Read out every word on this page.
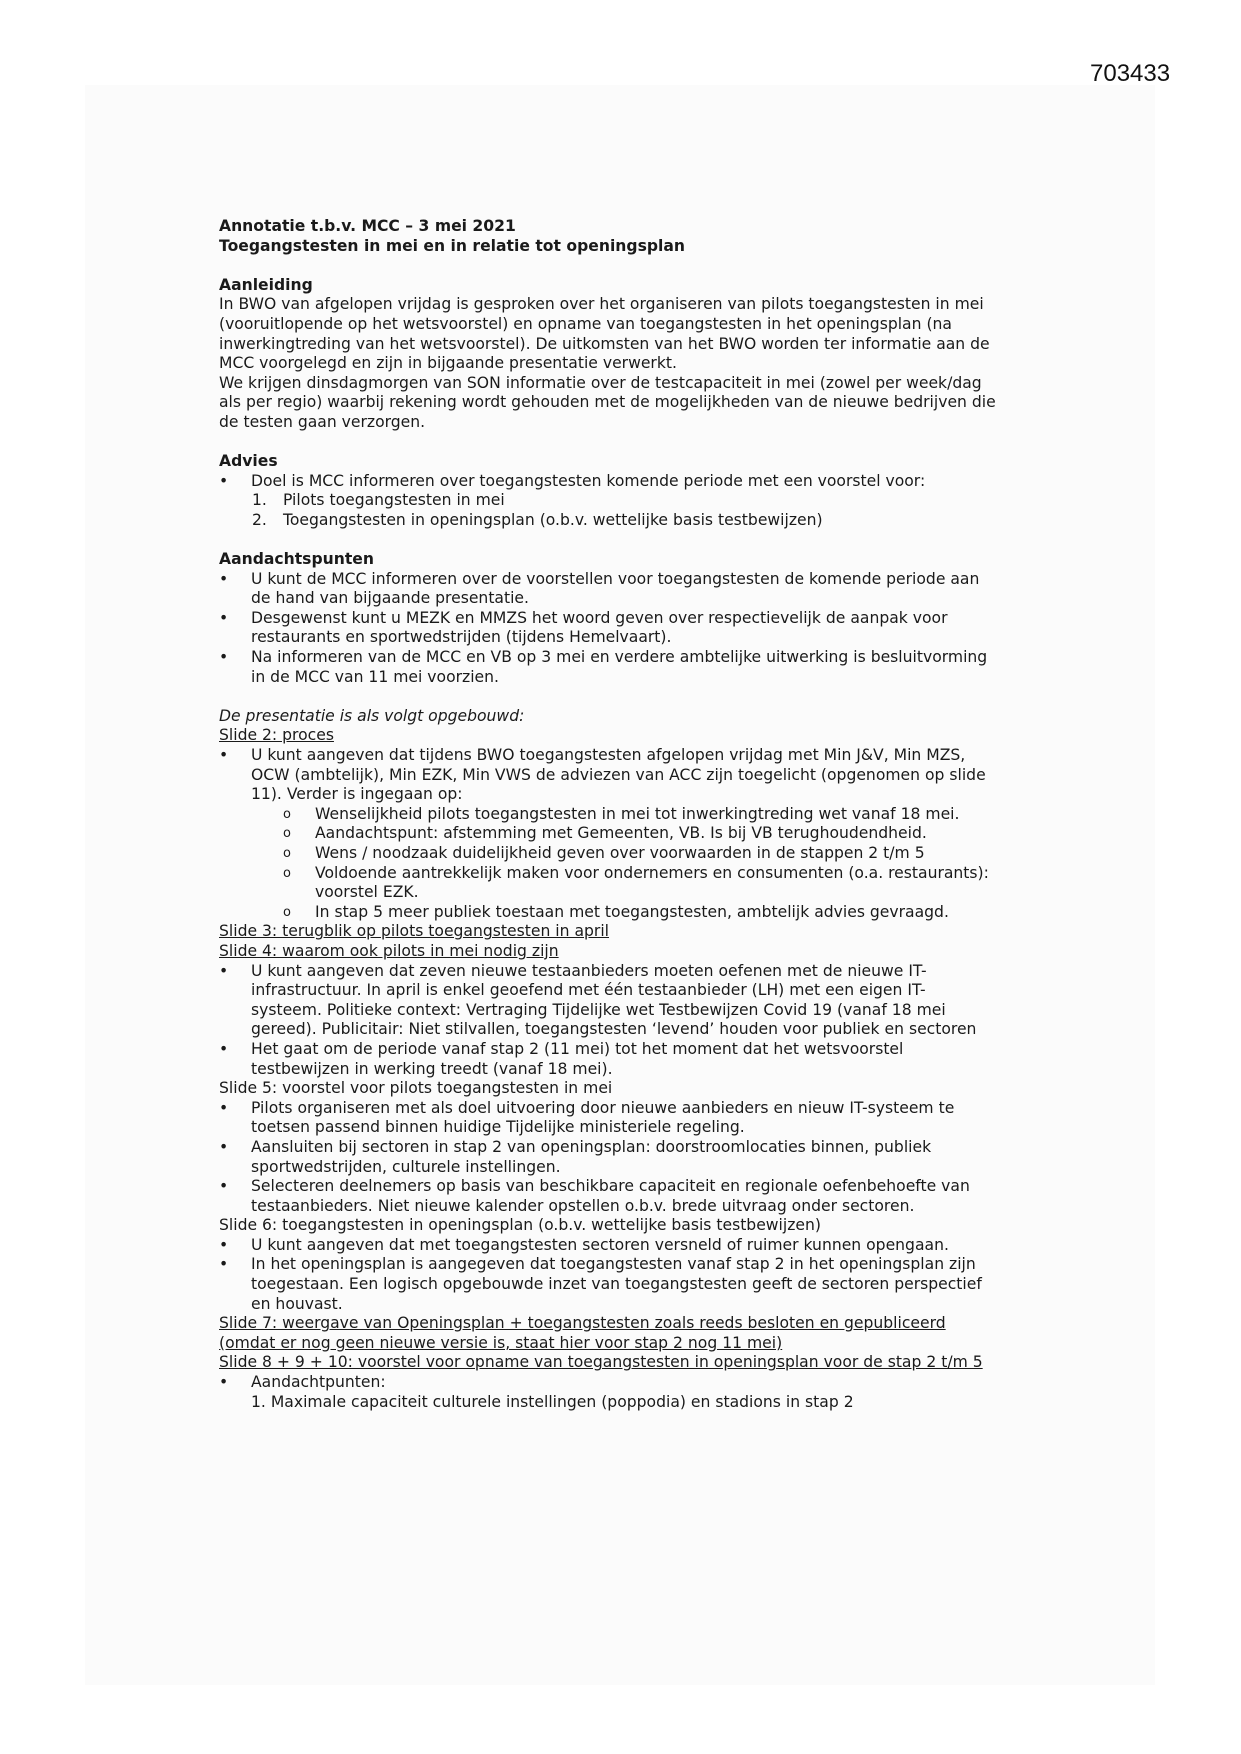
703433

Annotatie t.b.v. MCC – 3 mei 2021

Toegangstesten in mei en in relatie tot openingsplan

Aanleiding

In BWO van afgelopen vrijdag is gesproken over het organiseren van pilots toegangstesten in mei

(vooruitlopende op het wetsvoorstel) en opname van toegangstesten in het openingsplan (na

inwerkingtreding van het wetsvoorstel). De uitkomsten van het BWO worden ter informatie aan de

MCC voorgelegd en zijn in bijgaande presentatie verwerkt.

We krijgen dinsdagmorgen van SON informatie over de testcapaciteit in mei (zowel per week/dag

als per regio) waarbij rekening wordt gehouden met de mogelijkheden van de nieuwe bedrijven die

de testen gaan verzorgen.

Advies

• Doel is MCC informeren over toegangstesten komende periode met een voorstel voor:
1. Pilots toegangstesten in mei
2. Toegangstesten in openingsplan (o.b.v. wettelijke basis testbewijzen)

Aandachtspunten

• U kunt de MCC informeren over de voorstellen voor toegangstesten de komende periode aan

de hand van bijgaande presentatie.

• Desgewenst kunt u MEZK en MMZS het woord geven over respectievelijk de aanpak voor

restaurants en sportwedstrijden (tijdens Hemelvaart).

• Na informeren van de MCC en VB op 3 mei en verdere ambtelijke uitwerking is besluitvorming

in de MCC van 11 mei voorzien.

De presentatie is als volgt opgebouwd:

Slide 2: proces

• U kunt aangeven dat tijdens BWO toegangstesten afgelopen vrijdag met Min J&V, Min MZS,

OCW (ambtelijk), Min EZK, Min VWS de adviezen van ACC zijn toegelicht (opgenomen op slide

11). Verder is ingegaan op:

o Wenselijkheid pilots toegangstesten in mei tot inwerkingtreding wet vanaf 18 mei.

o Aandachtspunt: afstemming met Gemeenten, VB. Is bij VB terughoudendheid.

o Wens / noodzaak duidelijkheid geven over voorwaarden in de stappen 2 t/m 5

o Voldoende aantrekkelijk maken voor ondernemers en consumenten (o.a. restaurants):

voorstel EZK.

o In stap 5 meer publiek toestaan met toegangstesten, ambtelijk advies gevraagd.

Slide 3: terugblik op pilots toegangstesten in april

Slide 4: waarom ook pilots in mei nodig zijn

• U kunt aangeven dat zeven nieuwe testaanbieders moeten oefenen met de nieuwe IT-

infrastructuur. In april is enkel geoefend met één testaanbieder (LH) met een eigen IT-

systeem. Politieke context: Vertraging Tijdelijke wet Testbewijzen Covid 19 (vanaf 18 mei

gereed). Publicitair: Niet stilvallen, toegangstesten ‘levend’ houden voor publiek en sectoren

• Het gaat om de periode vanaf stap 2 (11 mei) tot het moment dat het wetsvoorstel

testbewijzen in werking treedt (vanaf 18 mei).

Slide 5: voorstel voor pilots toegangstesten in mei

• Pilots organiseren met als doel uitvoering door nieuwe aanbieders en nieuw IT-systeem te

toetsen passend binnen huidige Tijdelijke ministeriele regeling.

• Aansluiten bij sectoren in stap 2 van openingsplan: doorstroomlocaties binnen, publiek

sportwedstrijden, culturele instellingen.

• Selecteren deelnemers op basis van beschikbare capaciteit en regionale oefenbehoefte van

testaanbieders. Niet nieuwe kalender opstellen o.b.v. brede uitvraag onder sectoren.

Slide 6: toegangstesten in openingsplan (o.b.v. wettelijke basis testbewijzen)

• U kunt aangeven dat met toegangstesten sectoren versneld of ruimer kunnen opengaan.

• In het openingsplan is aangegeven dat toegangstesten vanaf stap 2 in het openingsplan zijn

toegestaan. Een logisch opgebouwde inzet van toegangstesten geeft de sectoren perspectief

en houvast.

Slide 7: weergave van Openingsplan + toegangstesten zoals reeds besloten en gepubliceerd

(omdat er nog geen nieuwe versie is, staat hier voor stap 2 nog 11 mei)

Slide 8 + 9 + 10: voorstel voor opname van toegangstesten in openingsplan voor de stap 2 t/m 5

• Aandachtpunten:

1. Maximale capaciteit culturele instellingen (poppodia) en stadions in stap 2
